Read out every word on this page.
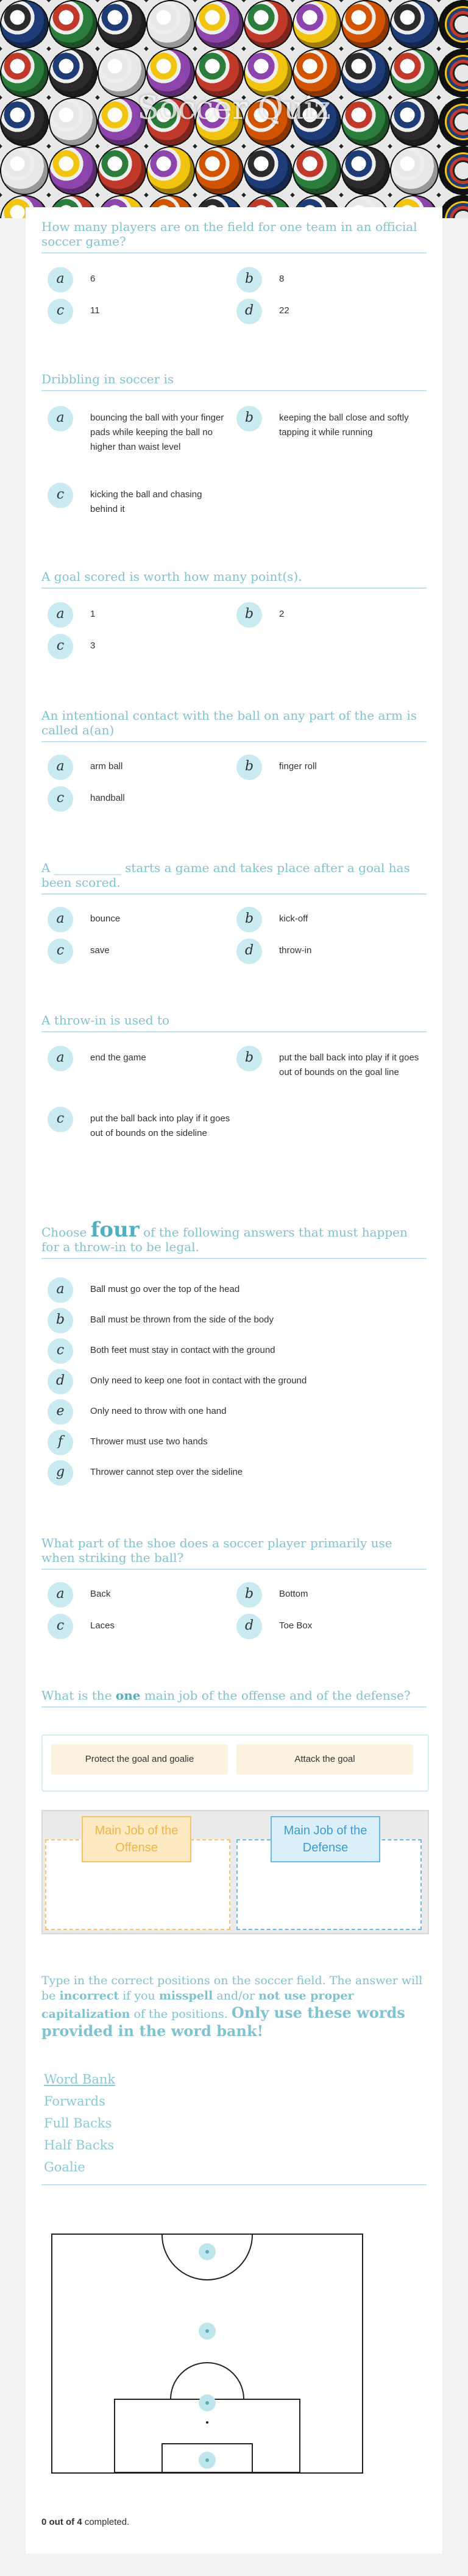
Soccer Quiz
How many players are on the field for one team in an official soccer game?
a	6	b	8
c	11	d	22
Dribbling in soccer is
a	bouncing the ball with your finger pads while keeping the ball no higher than waist level
b	keeping the ball close and softly tapping it while running
c	kicking the ball and chasing behind it
A goal scored is worth how many point(s).
a	1	b	2
c	3
An intentional contact with the ball on any part of the arm is called a(an)
a	arm ball	b	finger roll
c	handball
A ___________ starts a game and takes place after a goal has been scored.
a	bounce	b	kick-off
c	save	d	throw-in
A throw-in is used to
a	end the game	b	put the ball back into play if it goes out of bounds on the goal line
c	put the ball back into play if it goes out of bounds on the sideline
Choose four of the following answers that must happen for a throw-in to be legal.
a	Ball must go over the top of the head
b	Ball must be thrown from the side of the body
c	Both feet must stay in contact with the ground
d	Only need to keep one foot in contact with the ground
e	Only need to throw with one hand
f	Thrower must use two hands
g	Thrower cannot step over the sideline
What part of the shoe does a soccer player primarily use when striking the ball?
a	Back	b	Bottom
c	Laces	d	Toe Box
What is the one main job of the offense and of the defense?
Protect the goal and goalie	Attack the goal
Main Job of the Offense
Main Job of the Defense
Type in the correct positions on the soccer field. The answer will be incorrect if you misspell and/or not use proper capitalization of the positions. Only use these words provided in the word bank!
Word Bank
Forwards
Full Backs
Half Backs
Goalie
0 out of 4 completed.
